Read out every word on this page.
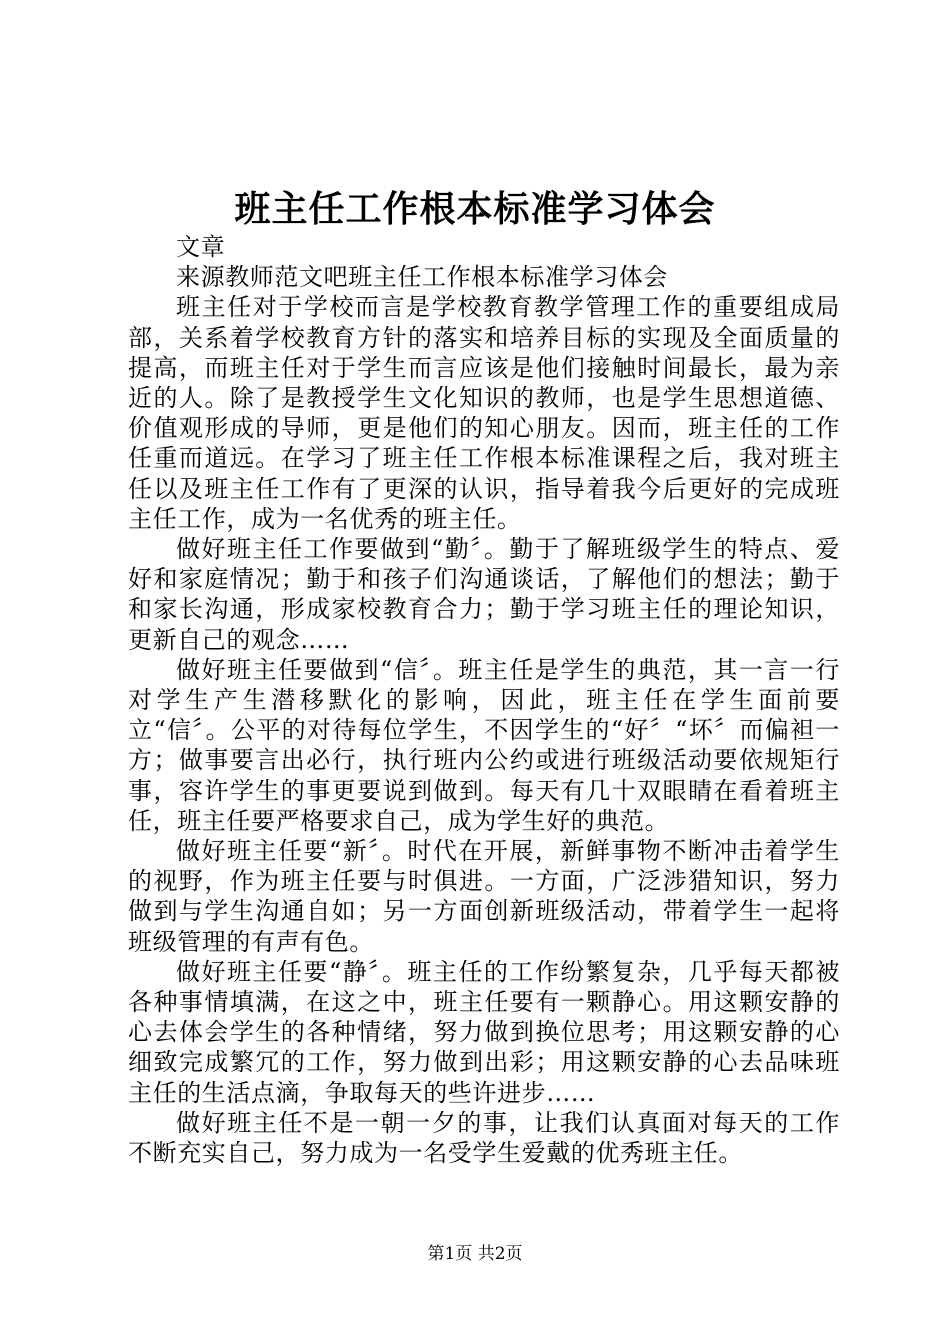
班主任工作根本标准学习体会

文章

来源教师范文吧班主任工作根本标准学习体会

班主任对于学校而言是学校教育教学管理工作的重要组成局部，关系着学校教育方针的落实和培养目标的实现及全面质量的提高，而班主任对于学生而言应该是他们接触时间最长，最为亲近的人。除了是教授学生文化知识的教师，也是学生思想道德、价值观形成的导师，更是他们的知心朋友。因而，班主任的工作任重而道远。在学习了班主任工作根本标准课程之后，我对班主任以及班主任工作有了更深的认识，指导着我今后更好的完成班主任工作，成为一名优秀的班主任。

做好班主任工作要做到“勤〞。勤于了解班级学生的特点、爱好和家庭情况；勤于和孩子们沟通谈话，了解他们的想法；勤于和家长沟通，形成家校教育合力；勤于学习班主任的理论知识，更新自己的观念……

做好班主任要做到“信〞。班主任是学生的典范，其一言一行对学生产生潜移默化的影响，因此，班主任在学生面前要立“信〞。公平的对待每位学生，不因学生的“好〞“坏〞而偏袒一方；做事要言出必行，执行班内公约或进行班级活动要依规矩行事，容许学生的事更要说到做到。每天有几十双眼睛在看着班主任，班主任要严格要求自己，成为学生好的典范。

做好班主任要“新〞。时代在开展，新鲜事物不断冲击着学生的视野，作为班主任要与时俱进。一方面，广泛涉猎知识，努力做到与学生沟通自如；另一方面创新班级活动，带着学生一起将班级管理的有声有色。

做好班主任要“静〞。班主任的工作纷繁复杂，几乎每天都被各种事情填满，在这之中，班主任要有一颗静心。用这颗安静的心去体会学生的各种情绪，努力做到换位思考；用这颗安静的心细致完成繁冗的工作，努力做到出彩；用这颗安静的心去品味班主任的生活点滴，争取每天的些许进步……

做好班主任不是一朝一夕的事，让我们认真面对每天的工作不断充实自己，努力成为一名受学生爱戴的优秀班主任。

第1页 共2页
